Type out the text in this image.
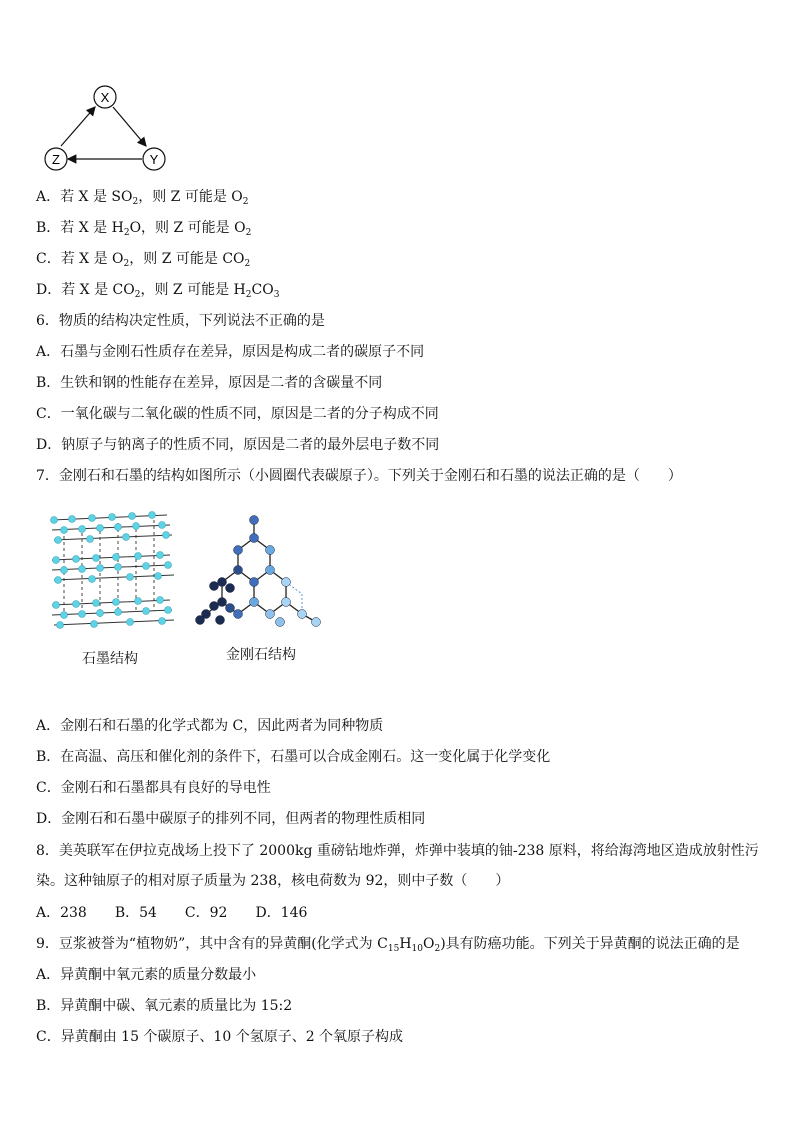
X
Y
Z
A．若 X 是 $SO_2$，则 Z 可能是 $O_2$
B．若 X 是 $H_2O$，则 Z 可能是 $O_2$
C．若 X 是 $O_2$，则 Z 可能是 $CO_2$
D．若 X 是 $CO_2$，则 Z 可能是 $H_2CO_3$
6．物质的结构决定性质，下列说法不正确的是
A．石墨与金刚石性质存在差异，原因是构成二者的碳原子不同
B．生铁和钢的性能存在差异，原因是二者的含碳量不同
C．一氧化碳与二氧化碳的性质不同，原因是二者的分子构成不同
D．钠原子与钠离子的性质不同，原因是二者的最外层电子数不同
7．金刚石和石墨的结构如图所示（小圆圈代表碳原子）。下列关于金刚石和石墨的说法正确的是（　　）
石墨结构	金刚石结构
A．金刚石和石墨的化学式都为 C，因此两者为同种物质
B．在高温、高压和催化剂的条件下，石墨可以合成金刚石。这一变化属于化学变化
C．金刚石和石墨都具有良好的导电性
D．金刚石和石墨中碳原子的排列不同，但两者的物理性质相同
8．美英联军在伊拉克战场上投下了 2000kg 重磅钻地炸弹，炸弹中装填的铀-238 原料，将给海湾地区造成放射性污染。这种铀原子的相对原子质量为 238，核电荷数为 92，则中子数（　　）
A．238　　B．54　　C．92　　D．146
9．豆浆被誉为“植物奶”，其中含有的异黄酮(化学式为 $C_{15}H_{10}O_2$)具有防癌功能。下列关于异黄酮的说法正确的是
A．异黄酮中氧元素的质量分数最小
B．异黄酮中碳、氧元素的质量比为 15:2
C．异黄酮由 15 个碳原子、10 个氢原子、2 个氧原子构成
